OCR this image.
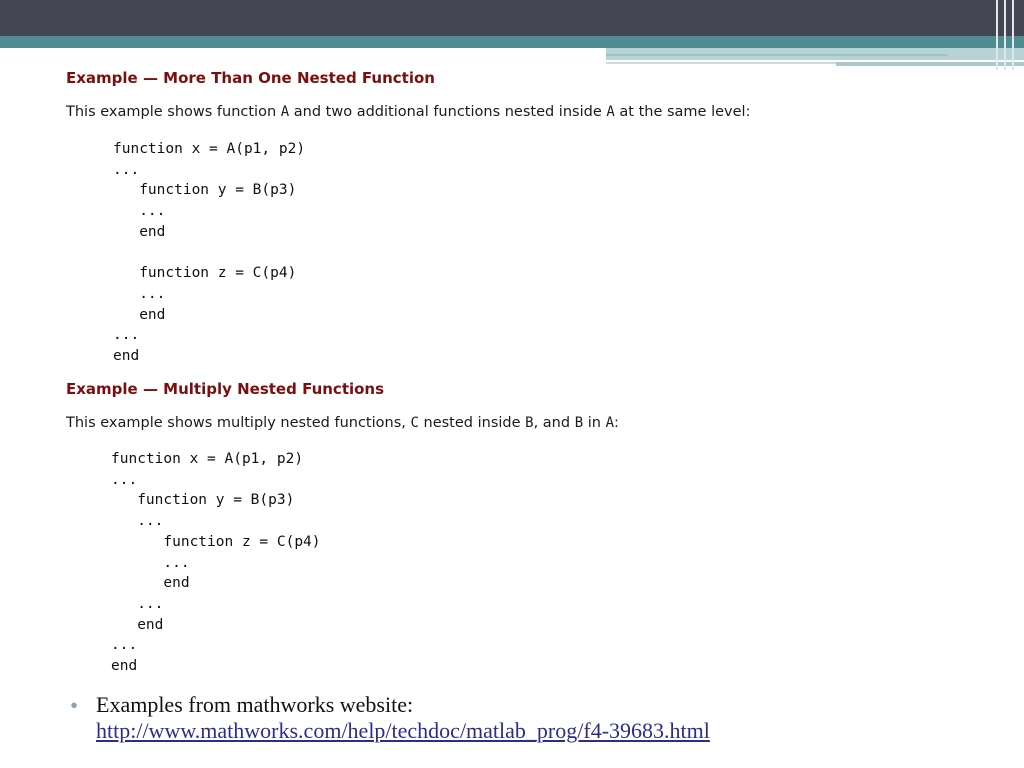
Example — More Than One Nested Function

This example shows function A and two additional functions nested inside A at the same level:

function x = A(p1, p2)
...
function y = B(p3)
...
end

function z = C(p4)
...
end
...
end
Example — Multiply Nested Functions

This example shows multiply nested functions, C nested inside B, and B in A:

function x = A(p1, p2)
...
function y = B(p3)
...
function z = C(p4)
...
end
...
end
...
end
• Examples from mathworks website:
http://www.mathworks.com/help/techdoc/matlab_prog/f4-39683.html
